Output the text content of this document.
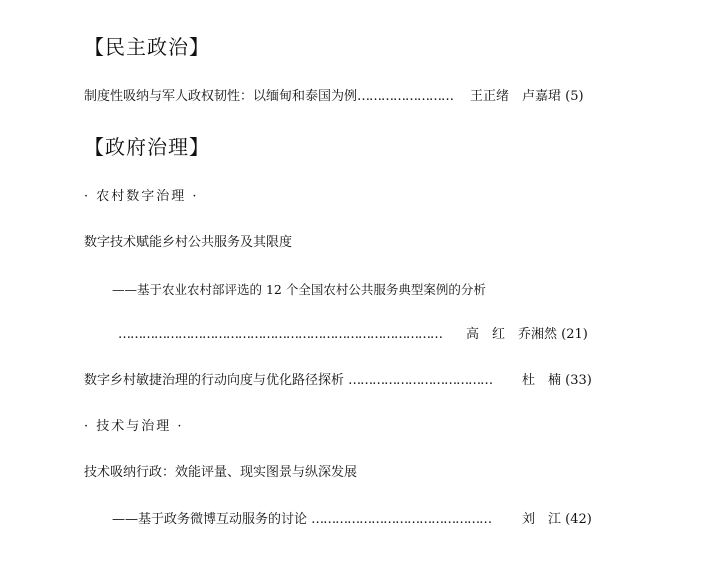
【民主政治】
制度性吸纳与军人政权韧性：以缅甸和泰国为例…………………… 王正绪　卢嘉珺 (5)
【政府治理】
· 农村数字治理 ·
数字技术赋能乡村公共服务及其限度
——基于农业农村部评选的 12 个全国农村公共服务典型案例的分析
……………………………………………………………………… 高　红　乔湘然 (21)
数字乡村敏捷治理的行动向度与优化路径探析 ……………………………… 杜　楠 (33)
· 技术与治理 ·
技术吸纳行政：效能评量、现实图景与纵深发展
——基于政务微博互动服务的讨论 ……………………………………… 刘　江 (42)
